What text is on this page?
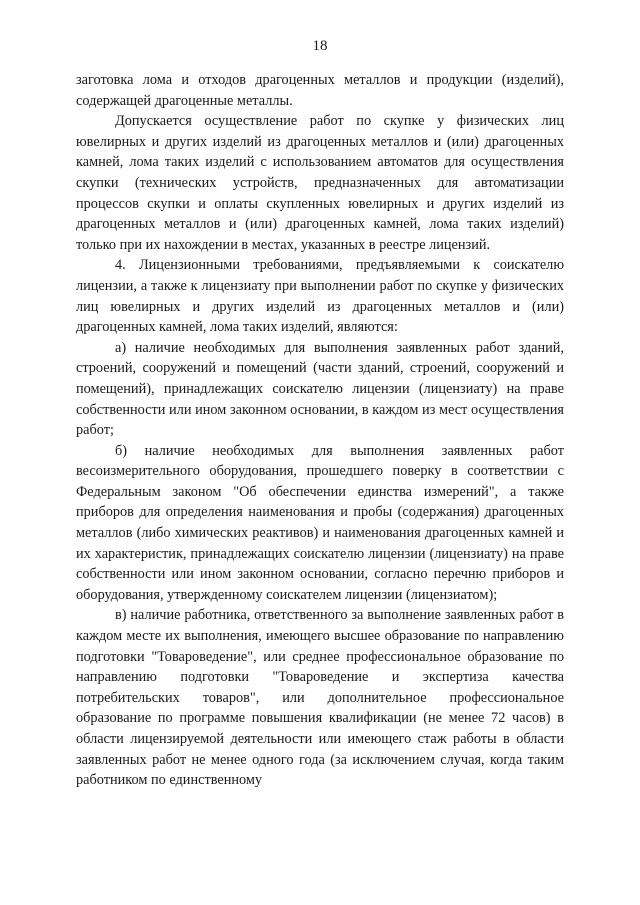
18

заготовка лома и отходов драгоценных металлов и продукции (изделий), содержащей драгоценные металлы.

Допускается осуществление работ по скупке у физических лиц ювелирных и других изделий из драгоценных металлов и (или) драгоценных камней, лома таких изделий с использованием автоматов для осуществления скупки (технических устройств, предназначенных для автоматизации процессов скупки и оплаты скупленных ювелирных и других изделий из драгоценных металлов и (или) драгоценных камней, лома таких изделий) только при их нахождении в местах, указанных в реестре лицензий.

4. Лицензионными требованиями, предъявляемыми к соискателю лицензии, а также к лицензиату при выполнении работ по скупке у физических лиц ювелирных и других изделий из драгоценных металлов и (или) драгоценных камней, лома таких изделий, являются:

а) наличие необходимых для выполнения заявленных работ зданий, строений, сооружений и помещений (части зданий, строений, сооружений и помещений), принадлежащих соискателю лицензии (лицензиату) на праве собственности или ином законном основании, в каждом из мест осуществления работ;

б) наличие необходимых для выполнения заявленных работ весоизмерительного оборудования, прошедшего поверку в соответствии с Федеральным законом "Об обеспечении единства измерений", а также приборов для определения наименования и пробы (содержания) драгоценных металлов (либо химических реактивов) и наименования драгоценных камней и их характеристик, принадлежащих соискателю лицензии (лицензиату) на праве собственности или ином законном основании, согласно перечню приборов и оборудования, утвержденному соискателем лицензии (лицензиатом);

в) наличие работника, ответственного за выполнение заявленных работ в каждом месте их выполнения, имеющего высшее образование по направлению подготовки "Товароведение", или среднее профессиональное образование по направлению подготовки "Товароведение и экспертиза качества потребительских товаров", или дополнительное профессиональное образование по программе повышения квалификации (не менее 72 часов) в области лицензируемой деятельности или имеющего стаж работы в области заявленных работ не менее одного года (за исключением случая, когда таким работником по единственному
